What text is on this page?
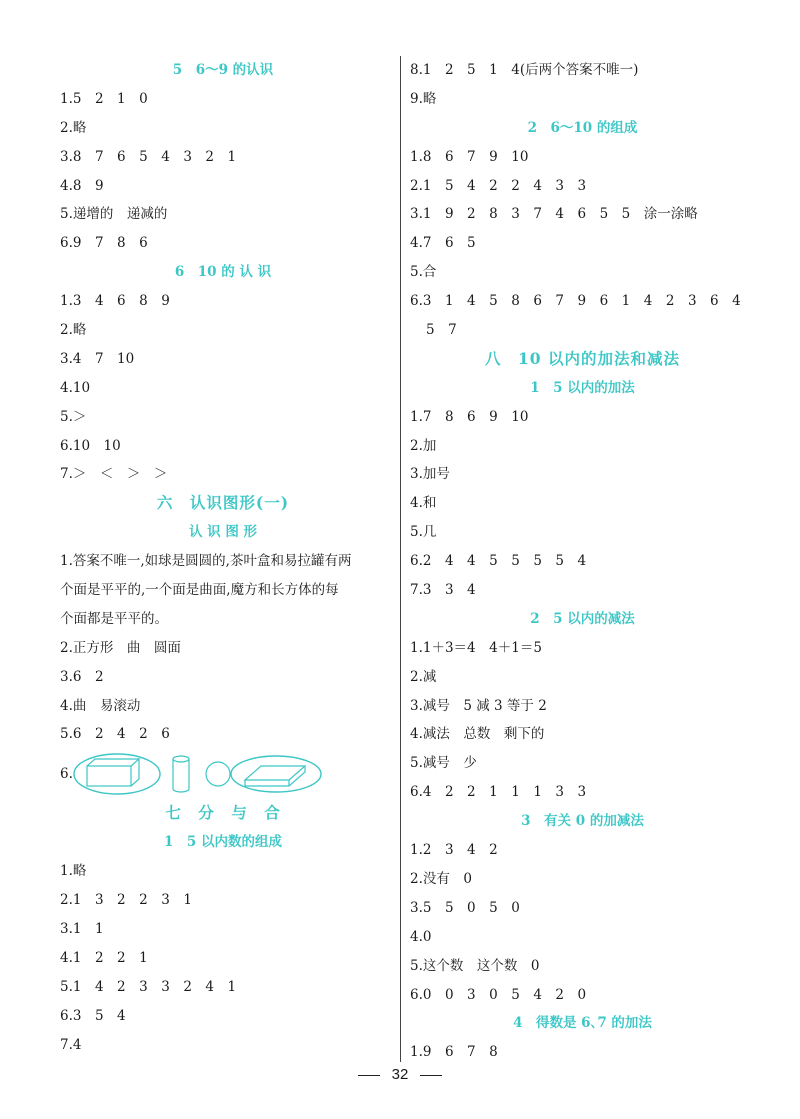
5　6～9 的认识
1.5　2　1　0
2.略
3.8　7　6　5　4　3　2　1
4.8　9
5.递增的　递减的
6.9　7　8　6
6　10 的 认 识
1.3　4　6　8　9
2.略
3.4　7　10
4.10
5.＞
6.10　10
7.＞　＜　＞　＞
六　认识图形(一)
认 识 图 形
1.答案不唯一,如球是圆圆的,茶叶盒和易拉罐有两
个面是平平的,一个面是曲面,魔方和长方体的每
个面都是平平的。
2.正方形　曲　圆面
3.6　2
4.曲　易滚动
5.6　2　4　2　6
6.
七　分　与　合
1　5 以内数的组成
1.略
2.1　3　2　2　3　1
3.1　1
4.1　2　2　1
5.1　4　2　3　3　2　4　1
6.3　5　4
7.4
8.1　2　5　1　4(后两个答案不唯一)
9.略
2　6～10 的组成
1.8　6　7　9　10
2.1　5　4　2　2　4　3　3
3.1　9　2　8　3　7　4　6　5　5　涂一涂略
4.7　6　5
5.合
6.3　1　4　5　8　6　7　9　6　1　4　2　3　6　4
5　7
八　10 以内的加法和减法
1　5 以内的加法
1.7　8　6　9　10
2.加
3.加号
4.和
5.几
6.2　4　4　5　5　5　5　4
7.3　3　4
2　5 以内的减法
1.1＋3＝4　4＋1＝5
2.减
3.减号　5 减 3 等于 2
4.减法　总数　剩下的
5.减号　少
6.4　2　2　1　1　1　3　3
3　有关 0 的加减法
1.2　3　4　2
2.没有　0
3.5　5　0　5　0
4.0
5.这个数　这个数　0
6.0　0　3　0　5　4　2　0
4　得数是 6､7 的加法
1.9　6　7　8
32
